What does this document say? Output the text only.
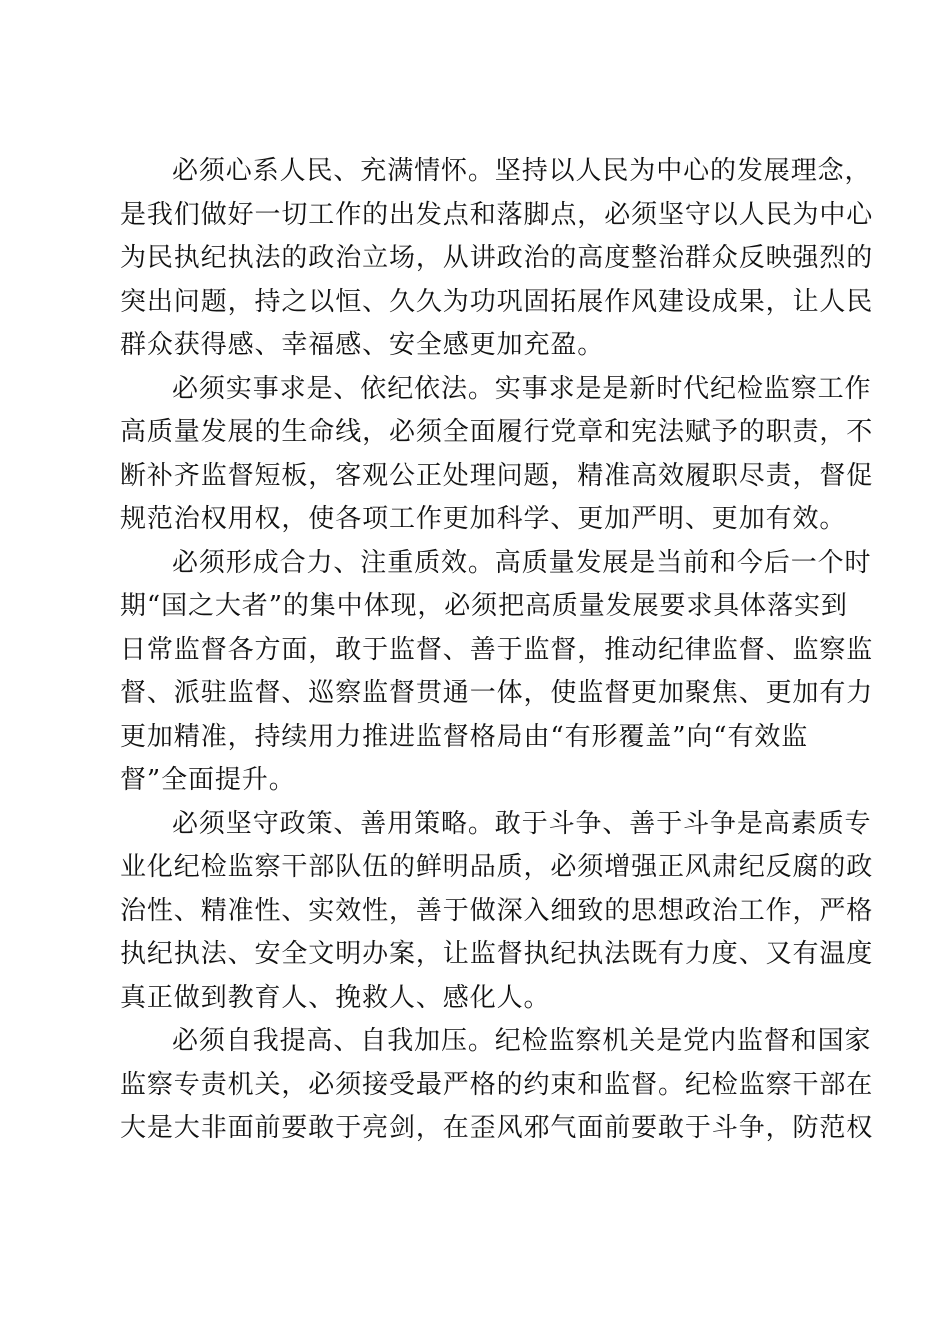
必须心系人民、充满情怀。坚持以人民为中心的发展理念，
是我们做好一切工作的出发点和落脚点，必须坚守以人民为中心
为民执纪执法的政治立场，从讲政治的高度整治群众反映强烈的
突出问题，持之以恒、久久为功巩固拓展作风建设成果，让人民
群众获得感、幸福感、安全感更加充盈。
必须实事求是、依纪依法。实事求是是新时代纪检监察工作
高质量发展的生命线，必须全面履行党章和宪法赋予的职责，不
断补齐监督短板，客观公正处理问题，精准高效履职尽责，督促
规范治权用权，使各项工作更加科学、更加严明、更加有效。
必须形成合力、注重质效。高质量发展是当前和今后一个时
期“国之大者”的集中体现，必须把高质量发展要求具体落实到
日常监督各方面，敢于监督、善于监督，推动纪律监督、监察监
督、派驻监督、巡察监督贯通一体，使监督更加聚焦、更加有力
更加精准，持续用力推进监督格局由“有形覆盖”向“有效监
督”全面提升。
必须坚守政策、善用策略。敢于斗争、善于斗争是高素质专
业化纪检监察干部队伍的鲜明品质，必须增强正风肃纪反腐的政
治性、精准性、实效性，善于做深入细致的思想政治工作，严格
执纪执法、安全文明办案，让监督执纪执法既有力度、又有温度
真正做到教育人、挽救人、感化人。
必须自我提高、自我加压。纪检监察机关是党内监督和国家
监察专责机关，必须接受最严格的约束和监督。纪检监察干部在
大是大非面前要敢于亮剑，在歪风邪气面前要敢于斗争，防范权
